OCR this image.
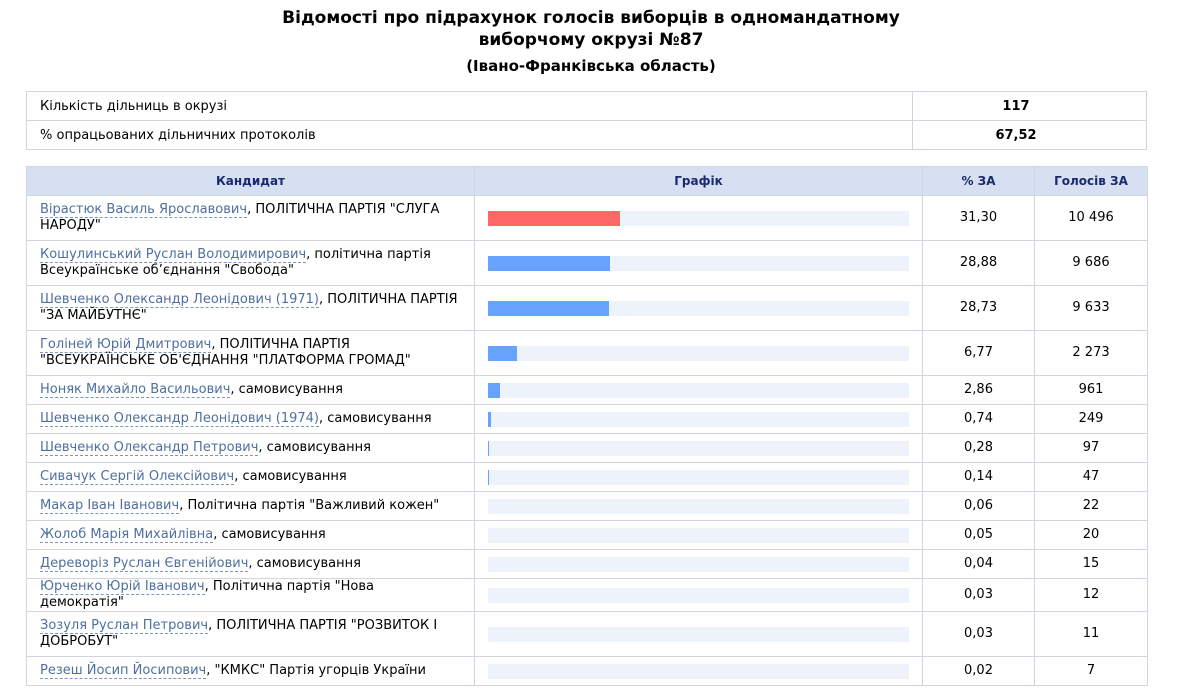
Відомості про підрахунок голосів виборців в одномандатному виборчому окрузі №87
(Івано-Франківська область)
Кількість дільниць в окрузі	117
% опрацьованих дільничних протоколів	67,52
Кандидат	Графік	% ЗА	Голосів ЗА
Вірастюк Василь Ярославович, ПОЛІТИЧНА ПАРТІЯ "СЛУГА НАРОДУ"		31,30	10 496
Кошулинський Руслан Володимирович, політична партія Всеукраїнське об’єднання "Свобода"		28,88	9 686
Шевченко Олександр Леонідович (1971), ПОЛІТИЧНА ПАРТІЯ "ЗА МАЙБУТНЄ"		28,73	9 633
Голіней Юрій Дмитрович, ПОЛІТИЧНА ПАРТІЯ "ВСЕУКРАЇНСЬКЕ ОБ'ЄДНАННЯ "ПЛАТФОРМА ГРОМАД"		6,77	2 273
Ноняк Михайло Васильович, самовисування		2,86	961
Шевченко Олександр Леонідович (1974), самовисування		0,74	249
Шевченко Олександр Петрович, самовисування		0,28	97
Сивачук Сергій Олексійович, самовисування		0,14	47
Макар Іван Іванович, Політична партія "Важливий кожен"		0,06	22
Жолоб Марія Михайлівна, самовисування		0,05	20
Дереворіз Руслан Євгенійович, самовисування		0,04	15
Юрченко Юрій Іванович, Політична партія "Нова демократія"		0,03	12
Зозуля Руслан Петрович, ПОЛІТИЧНА ПАРТІЯ "РОЗВИТОК І ДОБРОБУТ"		0,03	11
Резеш Йосип Йосипович, "КМКС" Партія угорців України		0,02	7
